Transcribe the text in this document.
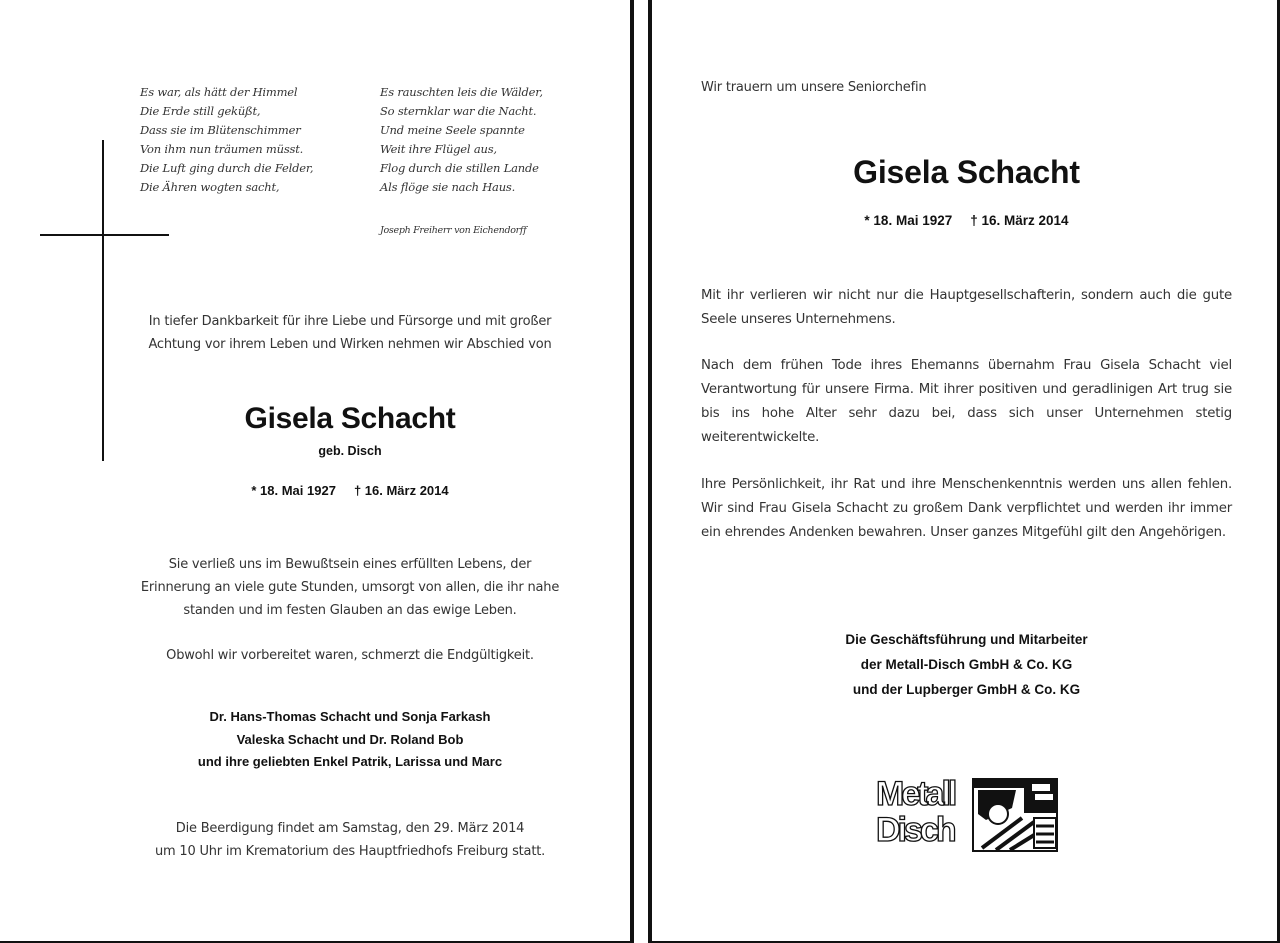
Es war, als hätt der Himmel
Die Erde still geküßt,
Dass sie im Blütenschimmer
Von ihm nun träumen müsst.
Die Luft ging durch die Felder,
Die Ähren wogten sacht,
Es rauschten leis die Wälder,
So sternklar war die Nacht.
Und meine Seele spannte
Weit ihre Flügel aus,
Flog durch die stillen Lande
Als flöge sie nach Haus.
Joseph Freiherr von Eichendorff
In tiefer Dankbarkeit für ihre Liebe und Fürsorge und mit großer
Achtung vor ihrem Leben und Wirken nehmen wir Abschied von
Gisela Schacht
geb. Disch
* 18. Mai 1927 † 16. März 2014
Sie verließ uns im Bewußtsein eines erfüllten Lebens, der
Erinnerung an viele gute Stunden, umsorgt von allen, die ihr nahe
standen und im festen Glauben an das ewige Leben.
Obwohl wir vorbereitet waren, schmerzt die Endgültigkeit.
Dr. Hans-Thomas Schacht und Sonja Farkash
Valeska Schacht und Dr. Roland Bob
und ihre geliebten Enkel Patrik, Larissa und Marc
Die Beerdigung findet am Samstag, den 29. März 2014
um 10 Uhr im Krematorium des Hauptfriedhofs Freiburg statt.
Wir trauern um unsere Seniorchefin
Gisela Schacht
* 18. Mai 1927 † 16. März 2014
Mit ihr verlieren wir nicht nur die Hauptgesellschafterin, sondern auch die gute Seele unseres Unternehmens.
Nach dem frühen Tode ihres Ehemanns übernahm Frau Gisela Schacht viel Verantwortung für unsere Firma. Mit ihrer positiven und geradlinigen Art trug sie bis ins hohe Alter sehr dazu bei, dass sich unser Unternehmen stetig weiterentwickelte.
Ihre Persönlichkeit, ihr Rat und ihre Menschenkenntnis werden uns allen fehlen. Wir sind Frau Gisela Schacht zu großem Dank verpflichtet und werden ihr immer ein ehrendes Andenken bewahren. Unser ganzes Mitgefühl gilt den Angehörigen.
Die Geschäftsführung und Mitarbeiter
der Metall-Disch GmbH & Co. KG
und der Lupberger GmbH & Co. KG
Metall
Disch
